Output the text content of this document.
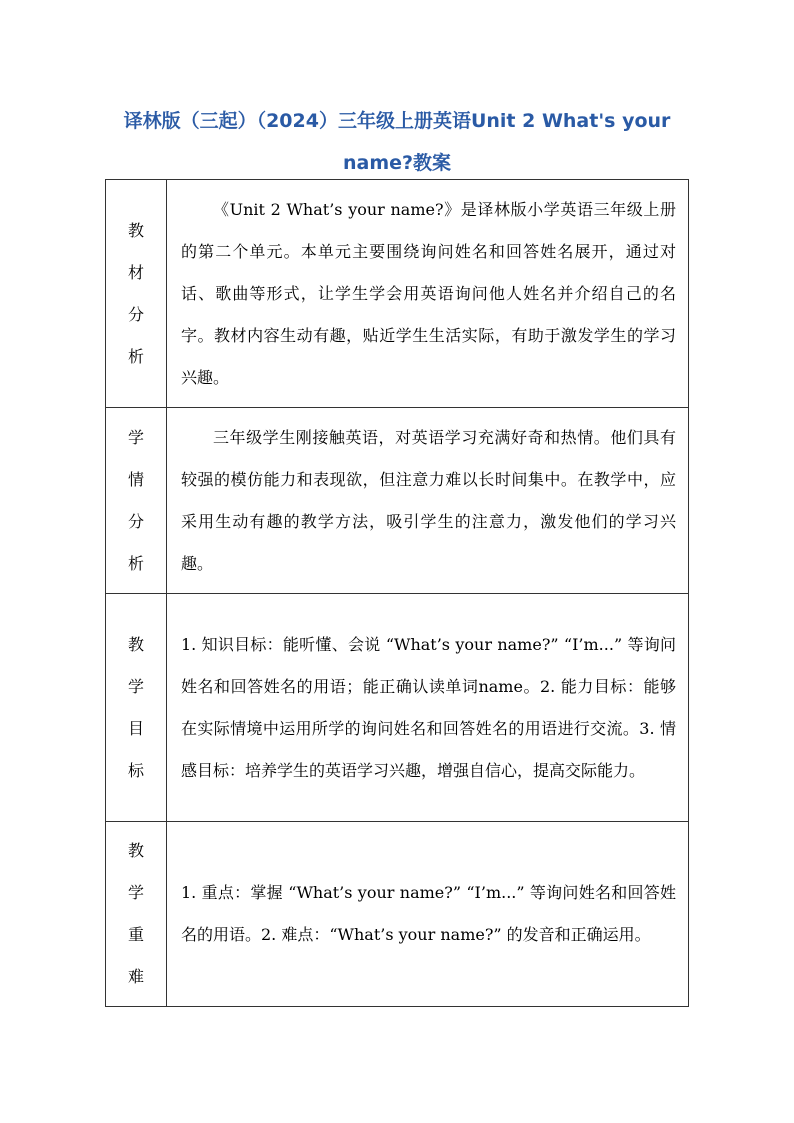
译林版（三起）（2024）三年级上册英语Unit 2 What's your name?教案
教
材
分
析	《Unit 2 What’s your name?》是译林版小学英语三年级上册的第二个单元。本单元主要围绕询问姓名和回答姓名展开，通过对话、歌曲等形式，让学生学会用英语询问他人姓名并介绍自己的名字。教材内容生动有趣，贴近学生生活实际，有助于激发学生的学习兴趣。

学
情
分
析	三年级学生刚接触英语，对英语学习充满好奇和热情。他们具有较强的模仿能力和表现欲，但注意力难以长时间集中。在教学中，应采用生动有趣的教学方法，吸引学生的注意力，激发他们的学习兴趣。

教
学
目
标	1. 知识目标：能听懂、会说 “What’s your name?” “I’m...” 等询问姓名和回答姓名的用语；能正确认读单词name。2. 能力目标：能够在实际情境中运用所学的询问姓名和回答姓名的用语进行交流。3. 情感目标：培养学生的英语学习兴趣，增强自信心，提高交际能力。

教
学
重
难	1. 重点：掌握 “What’s your name?” “I’m...” 等询问姓名和回答姓名的用语。2. 难点：“What’s your name?” 的发音和正确运用。
